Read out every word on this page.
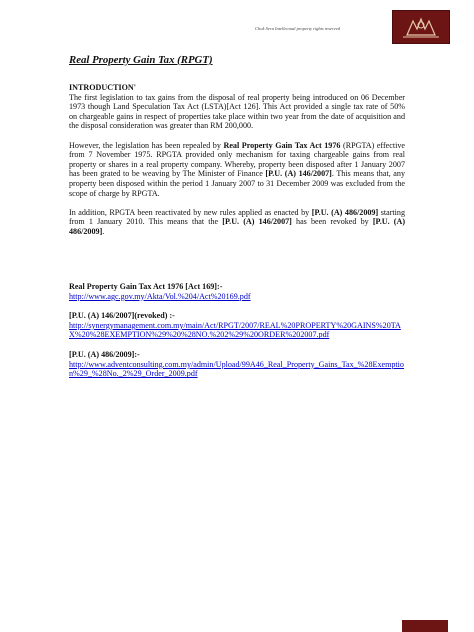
Chok Seru Intellectual property rights reserved
Real Property Gain Tax (RPGT)

INTRODUCTION'

The first legislation to tax gains from the disposal of real property being introduced on 06 December 1973 though Land Speculation Tax Act (LSTA)[Act 126]. This Act provided a single tax rate of 50% on chargeable gains in respect of properties take place within two year from the date of acquisition and the disposal consideration was greater than RM 200,000.

However, the legislation has been repealed by Real Property Gain Tax Act 1976 (RPGTA) effective from 7 November 1975. RPGTA provided only mechanism for taxing chargeable gains from real property or shares in a real property company. Whereby, property been disposed after 1 January 2007 has been grated to be weaving by The Minister of Finance [P.U. (A) 146/2007]. This means that, any property been disposed within the period 1 January 2007 to 31 December 2009 was excluded from the scope of charge by RPGTA.

In addition, RPGTA been reactivated by new rules applied as enacted by [P.U. (A) 486/2009] starting from 1 January 2010. This means that the [P.U. (A) 146/2007] has been revoked by [P.U. (A) 486/2009].

Real Property Gain Tax Act 1976 [Act 169]:-

http://www.agc.gov.my/Akta/Vol.%204/Act%20169.pdf

[P.U. (A) 146/2007](revoked) :-

http://synergymanagement.com.my/main/Act/RPGT/2007/REAL%20PROPERTY%20GAINS%20TAX%20%28EXEMPTION%29%20%28NO.%202%29%20ORDER%202007.pdf

[P.U. (A) 486/2009]:-

http://www.adventconsulting.com.my/admin/Upload/99A46_Real_Property_Gains_Tax_%28Exemption%29_%28No._2%29_Order_2009.pdf
